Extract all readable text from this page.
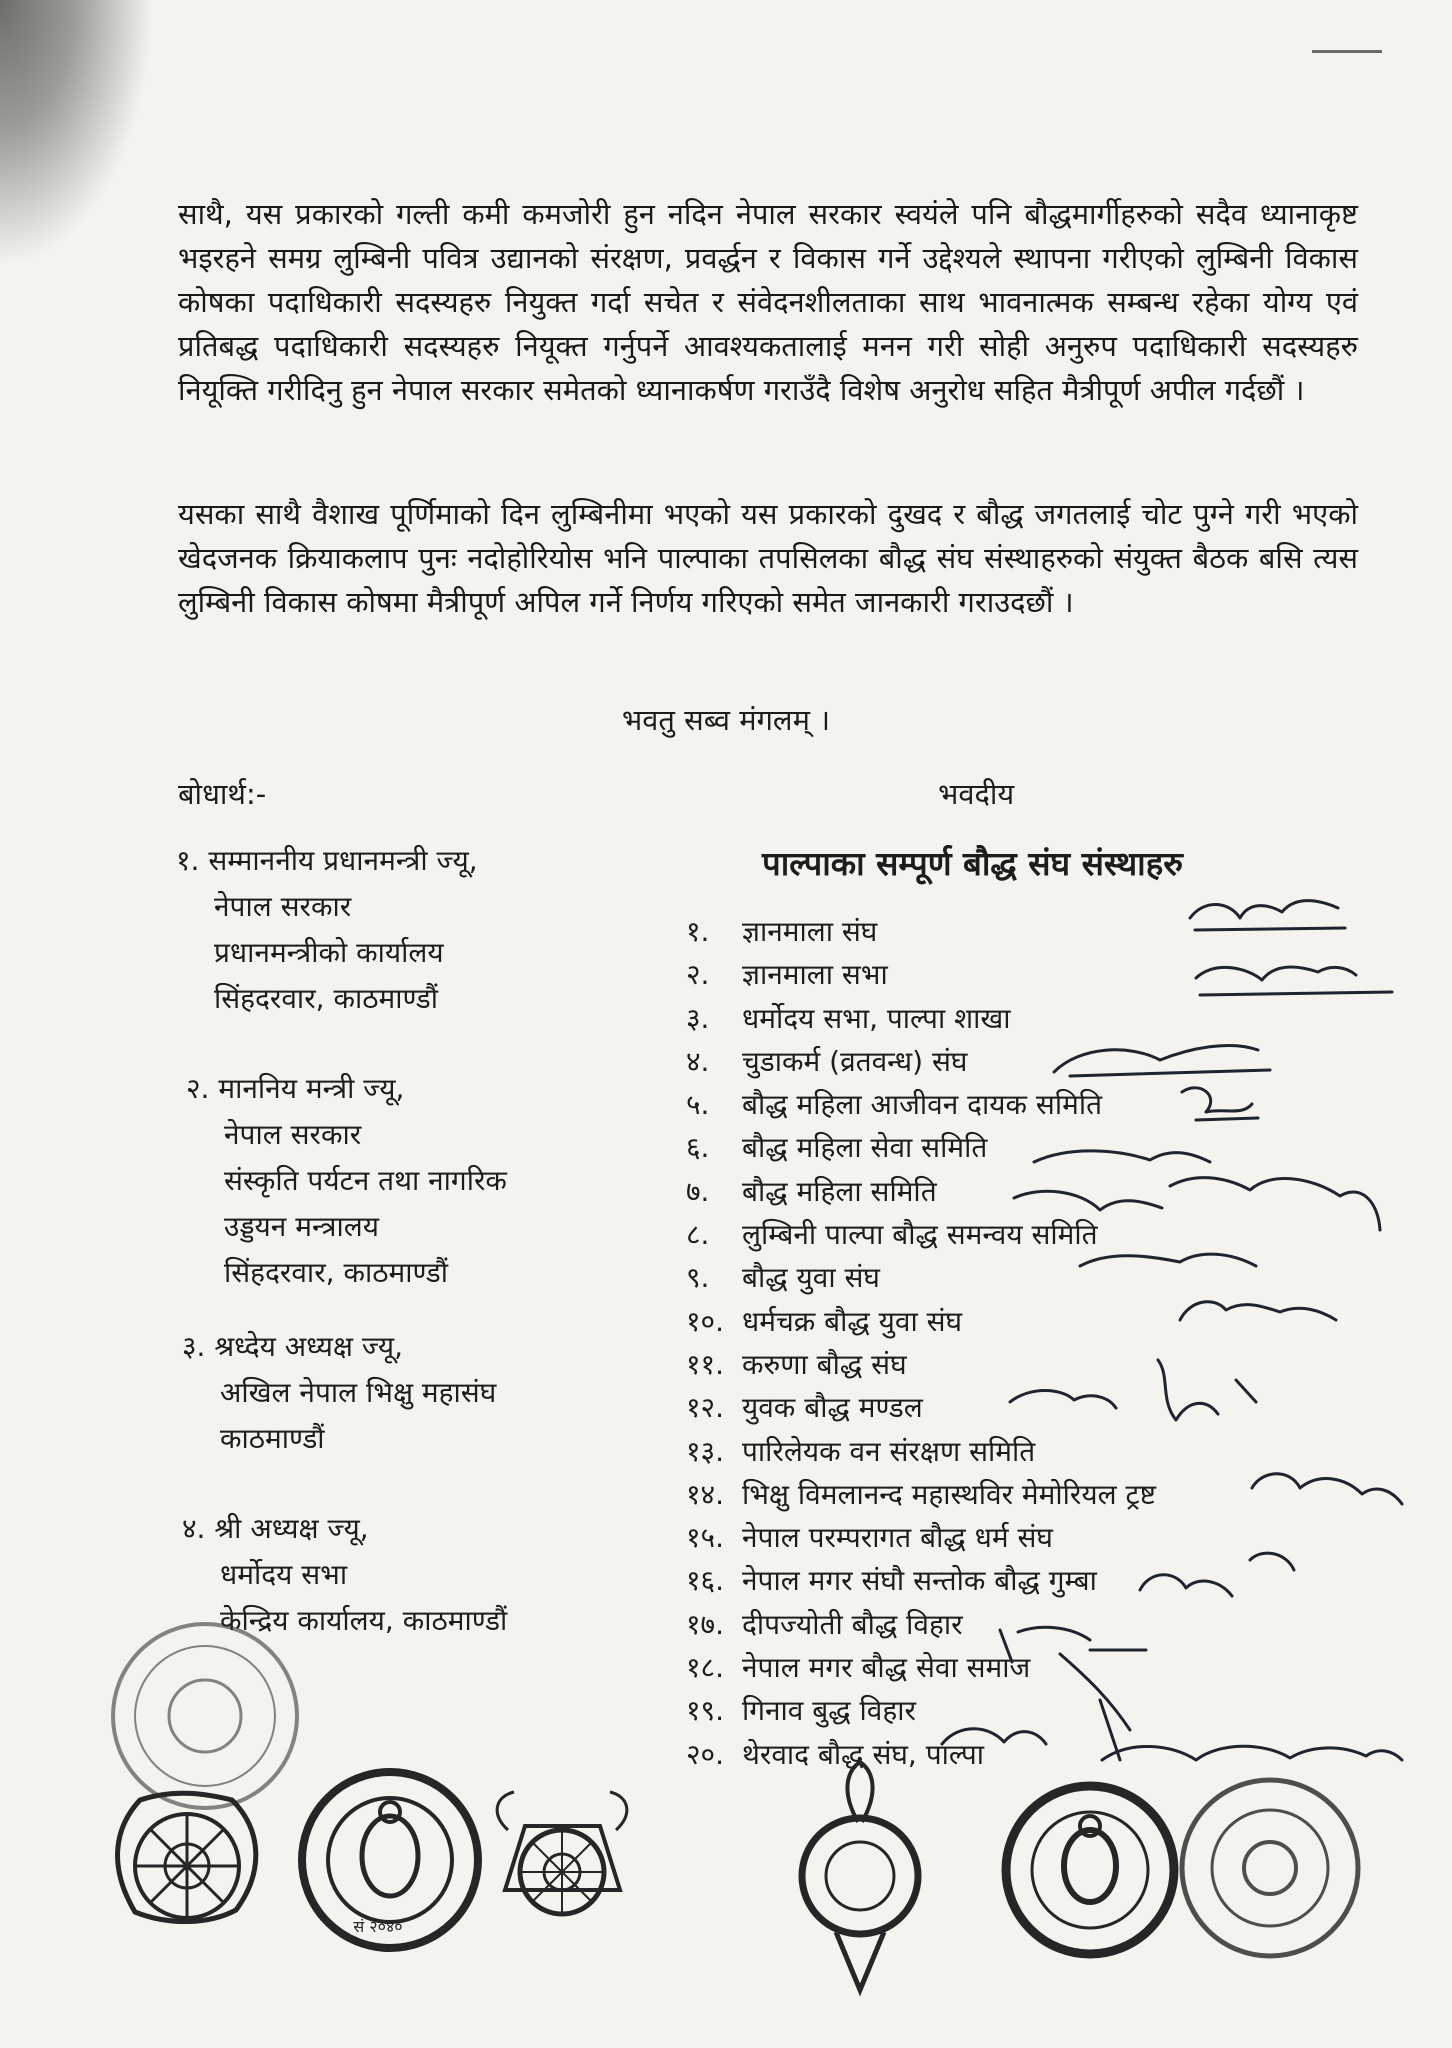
साथै, यस प्रकारको गल्ती कमी कमजोरी हुन नदिन नेपाल सरकार स्वयंले पनि बौद्धमार्गीहरुको सदैव ध्यानाकृष्ट भइरहने समग्र लुम्बिनी पवित्र उद्यानको संरक्षण, प्रवर्द्धन र विकास गर्ने उद्देश्यले स्थापना गरीएको लुम्बिनी विकास कोषका पदाधिकारी सदस्यहरु नियुक्त गर्दा सचेत र संवेदनशीलताका साथ भावनात्मक सम्बन्ध रहेका योग्य एवं प्रतिबद्ध पदाधिकारी सदस्यहरु नियूक्त गर्नुपर्ने आवश्यकतालाई मनन गरी सोही अनुरुप पदाधिकारी सदस्यहरु नियूक्ति गरीदिनु हुन नेपाल सरकार समेतको ध्यानाकर्षण गराउँदै विशेष अनुरोध सहित मैत्रीपूर्ण अपील गर्दछौं ।

यसका साथै वैशाख पूर्णिमाको दिन लुम्बिनीमा भएको यस प्रकारको दुखद र बौद्ध जगतलाई चोट पुग्ने गरी भएको खेदजनक क्रियाकलाप पुनः नदोहोरियोस भनि पाल्पाका तपसिलका बौद्ध संघ संस्थाहरुको संयुक्त बैठक बसि त्यस लुम्बिनी विकास कोषमा मैत्रीपूर्ण अपिल गर्ने निर्णय गरिएको समेत जानकारी गराउदछौं ।

भवतु सब्व मंगलम् ।
बोधार्थ:-	भवदीय
पाल्पाका सम्पूर्ण बौद्ध संघ संस्थाहरु
१. सम्माननीय प्रधानमन्त्री ज्यू,
नेपाल सरकार
प्रधानमन्त्रीको कार्यालय
सिंहदरवार, काठमाण्डौं
२. माननिय मन्त्री ज्यू,
नेपाल सरकार
संस्कृति पर्यटन तथा नागरिक
उड्डयन मन्त्रालय
सिंहदरवार, काठमाण्डौं
३. श्रध्देय अध्यक्ष ज्यू,
अखिल नेपाल भिक्षु महासंघ
काठमाण्डौं
४. श्री अध्यक्ष ज्यू,
धर्मोदय सभा
केन्द्रिय कार्यालय, काठमाण्डौं
१. ज्ञानमाला संघ
२. ज्ञानमाला सभा
३. धर्मोदय सभा, पाल्पा शाखा
४. चुडाकर्म (व्रतवन्ध) संघ
५. बौद्ध महिला आजीवन दायक समिति
६. बौद्ध महिला सेवा समिति
७. बौद्ध महिला समिति
८. लुम्बिनी पाल्पा बौद्ध समन्वय समिति
९. बौद्ध युवा संघ
१०. धर्मचक्र बौद्ध युवा संघ
११. करुणा बौद्ध संघ
१२. युवक बौद्ध मण्डल
१३. पारिलेयक वन संरक्षण समिति
१४. भिक्षु विमलानन्द महास्थविर मेमोरियल ट्रष्ट
१५. नेपाल परम्परागत बौद्ध धर्म संघ
१६. नेपाल मगर संघौ सन्तोक बौद्ध गुम्बा
१७. दीपज्योती बौद्ध विहार
१८. नेपाल मगर बौद्ध सेवा समाज
१९. गिनाव बुद्ध विहार
२०. थेरवाद बौद्ध संघ, पाल्पा
सं २०४०
